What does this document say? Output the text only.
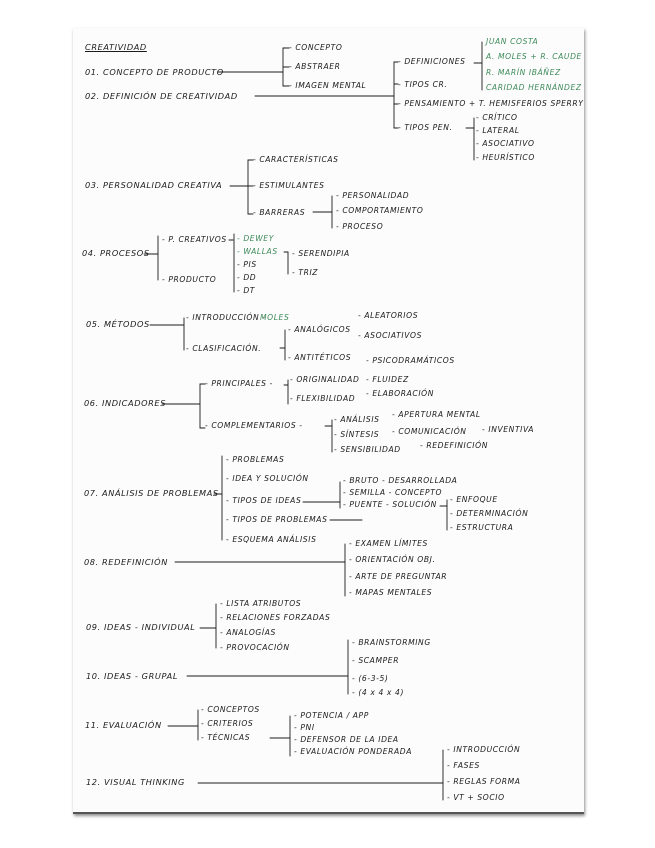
CREATIVIDAD
01. CONCEPTO DE PRODUCTO
02. DEFINICIÓN DE CREATIVIDAD
- CONCEPTO
- ABSTRAER
- IMAGEN MENTAL
- DEFINICIONES
JUAN COSTA
A. MOLES + R. CAUDE
R. MARÍN IBÁÑEZ
CARIDAD HERNÁNDEZ
- TIPOS CR.
- PENSAMIENTO + T. HEMISFERIOS SPERRY
- TIPOS PEN.
- CRÍTICO
- LATERAL
- ASOCIATIVO
- HEURÍSTICO
03. PERSONALIDAD CREATIVA
- CARACTERÍSTICAS
- ESTIMULANTES
- BARRERAS
- PERSONALIDAD
- COMPORTAMIENTO
- PROCESO
04. PROCESOS
- P. CREATIVOS
- PRODUCTO
- DEWEY
- WALLAS
- PIS
- DD
- DT
- SERENDIPIA
- TRIZ
05. MÉTODOS
- INTRODUCCIÓN -
MOLES
- CLASIFICACIÓN.
- ANALÓGICOS
- ANTITÉTICOS
- ALEATORIOS
- ASOCIATIVOS
- PSICODRAMÁTICOS
06. INDICADORES
- PRINCIPALES - - ORIGINALIDAD - FLUIDEZ
- FLEXIBILIDAD
- ELABORACIÓN
- COMPLEMENTARIOS -
- ANÁLISIS
- APERTURA MENTAL
- SÍNTESIS - COMUNICACIÓN - INVENTIVA
- SENSIBILIDAD	- REDEFINICIÓN
07. ANÁLISIS DE PROBLEMAS
- PROBLEMAS
- IDEA Y SOLUCIÓN
- TIPOS DE IDEAS
- TIPOS DE PROBLEMAS
- ESQUEMA ANÁLISIS
- BRUTO - DESARROLLADA
- SEMILLA - CONCEPTO
- PUENTE - SOLUCIÓN
- ENFOQUE
- DETERMINACIÓN
- ESTRUCTURA
08. REDEFINICIÓN
- EXAMEN LÍMITES
- ORIENTACIÓN OBJ.
- ARTE DE PREGUNTAR
- MAPAS MENTALES
09. IDEAS - INDIVIDUAL
- LISTA ATRIBUTOS
- RELACIONES FORZADAS
- ANALOGÍAS
- PROVOCACIÓN
10. IDEAS - GRUPAL
- BRAINSTORMING
- SCAMPER
- (6-3-5)
- (4 x 4 x 4)
11. EVALUACIÓN
- CONCEPTOS
- CRITERIOS
- TÉCNICAS
- POTENCIA / APP
- PNI
- DEFENSOR DE LA IDEA
- EVALUACIÓN PONDERADA
12. VISUAL THINKING
- INTRODUCCIÓN
- FASES
- REGLAS FORMA
- VT + SOCIO
